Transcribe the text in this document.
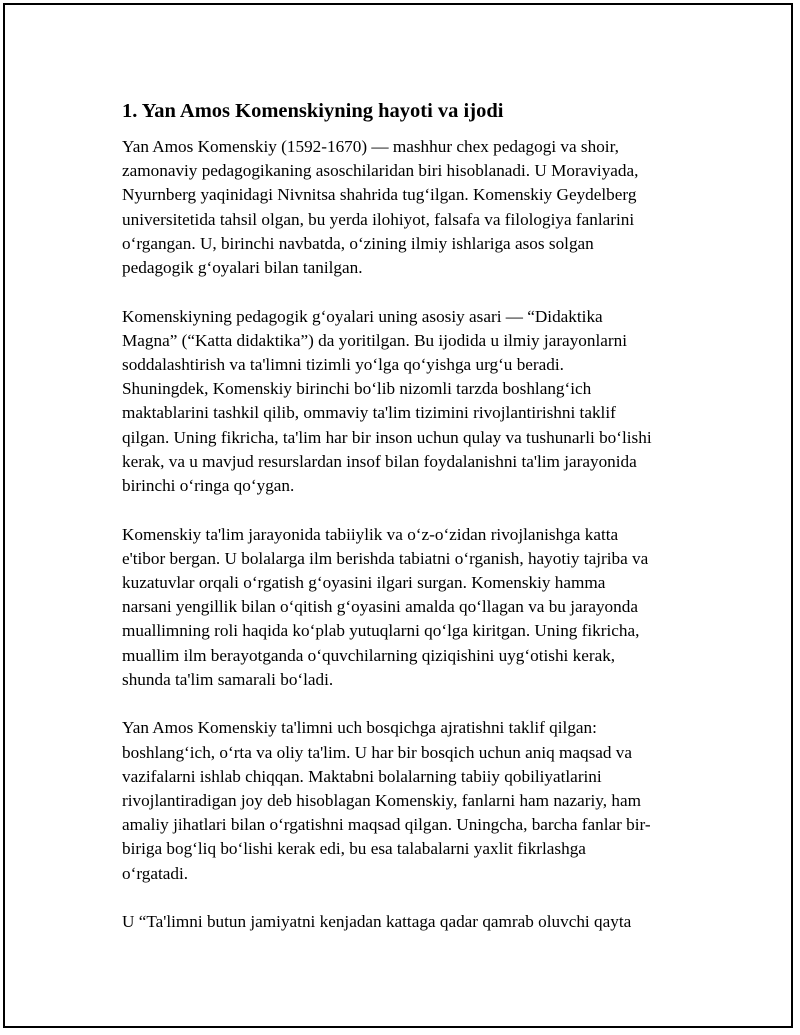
1. Yan Amos Komenskiyning hayoti va ijodi

Yan Amos Komenskiy (1592-1670) — mashhur chex pedagogi va shoir,
zamonaviy pedagogikaning asoschilaridan biri hisoblanadi. U Moraviyada,
Nyurnberg yaqinidagi Nivnitsa shahrida tug‘ilgan. Komenskiy Geydelberg
universitetida tahsil olgan, bu yerda ilohiyot, falsafa va filologiya fanlarini
o‘rgangan. U, birinchi navbatda, o‘zining ilmiy ishlariga asos solgan
pedagogik g‘oyalari bilan tanilgan.

Komenskiyning pedagogik g‘oyalari uning asosiy asari — “Didaktika
Magna” (“Katta didaktika”) da yoritilgan. Bu ijodida u ilmiy jarayonlarni
soddalashtirish va ta'limni tizimli yo‘lga qo‘yishga urg‘u beradi.
Shuningdek, Komenskiy birinchi bo‘lib nizomli tarzda boshlang‘ich
maktablarini tashkil qilib, ommaviy ta'lim tizimini rivojlantirishni taklif
qilgan. Uning fikricha, ta'lim har bir inson uchun qulay va tushunarli bo‘lishi
kerak, va u mavjud resurslardan insof bilan foydalanishni ta'lim jarayonida
birinchi o‘ringa qo‘ygan.

Komenskiy ta'lim jarayonida tabiiylik va o‘z-o‘zidan rivojlanishga katta
e'tibor bergan. U bolalarga ilm berishda tabiatni o‘rganish, hayotiy tajriba va
kuzatuvlar orqali o‘rgatish g‘oyasini ilgari surgan. Komenskiy hamma
narsani yengillik bilan o‘qitish g‘oyasini amalda qo‘llagan va bu jarayonda
muallimning roli haqida ko‘plab yutuqlarni qo‘lga kiritgan. Uning fikricha,
muallim ilm berayotganda o‘quvchilarning qiziqishini uyg‘otishi kerak,
shunda ta'lim samarali bo‘ladi.

Yan Amos Komenskiy ta'limni uch bosqichga ajratishni taklif qilgan:
boshlang‘ich, o‘rta va oliy ta'lim. U har bir bosqich uchun aniq maqsad va
vazifalarni ishlab chiqqan. Maktabni bolalarning tabiiy qobiliyatlarini
rivojlantiradigan joy deb hisoblagan Komenskiy, fanlarni ham nazariy, ham
amaliy jihatlari bilan o‘rgatishni maqsad qilgan. Uningcha, barcha fanlar bir-
biriga bog‘liq bo‘lishi kerak edi, bu esa talabalarni yaxlit fikrlashga
o‘rgatadi.

U “Ta'limni butun jamiyatni kenjadan kattaga qadar qamrab oluvchi qayta
